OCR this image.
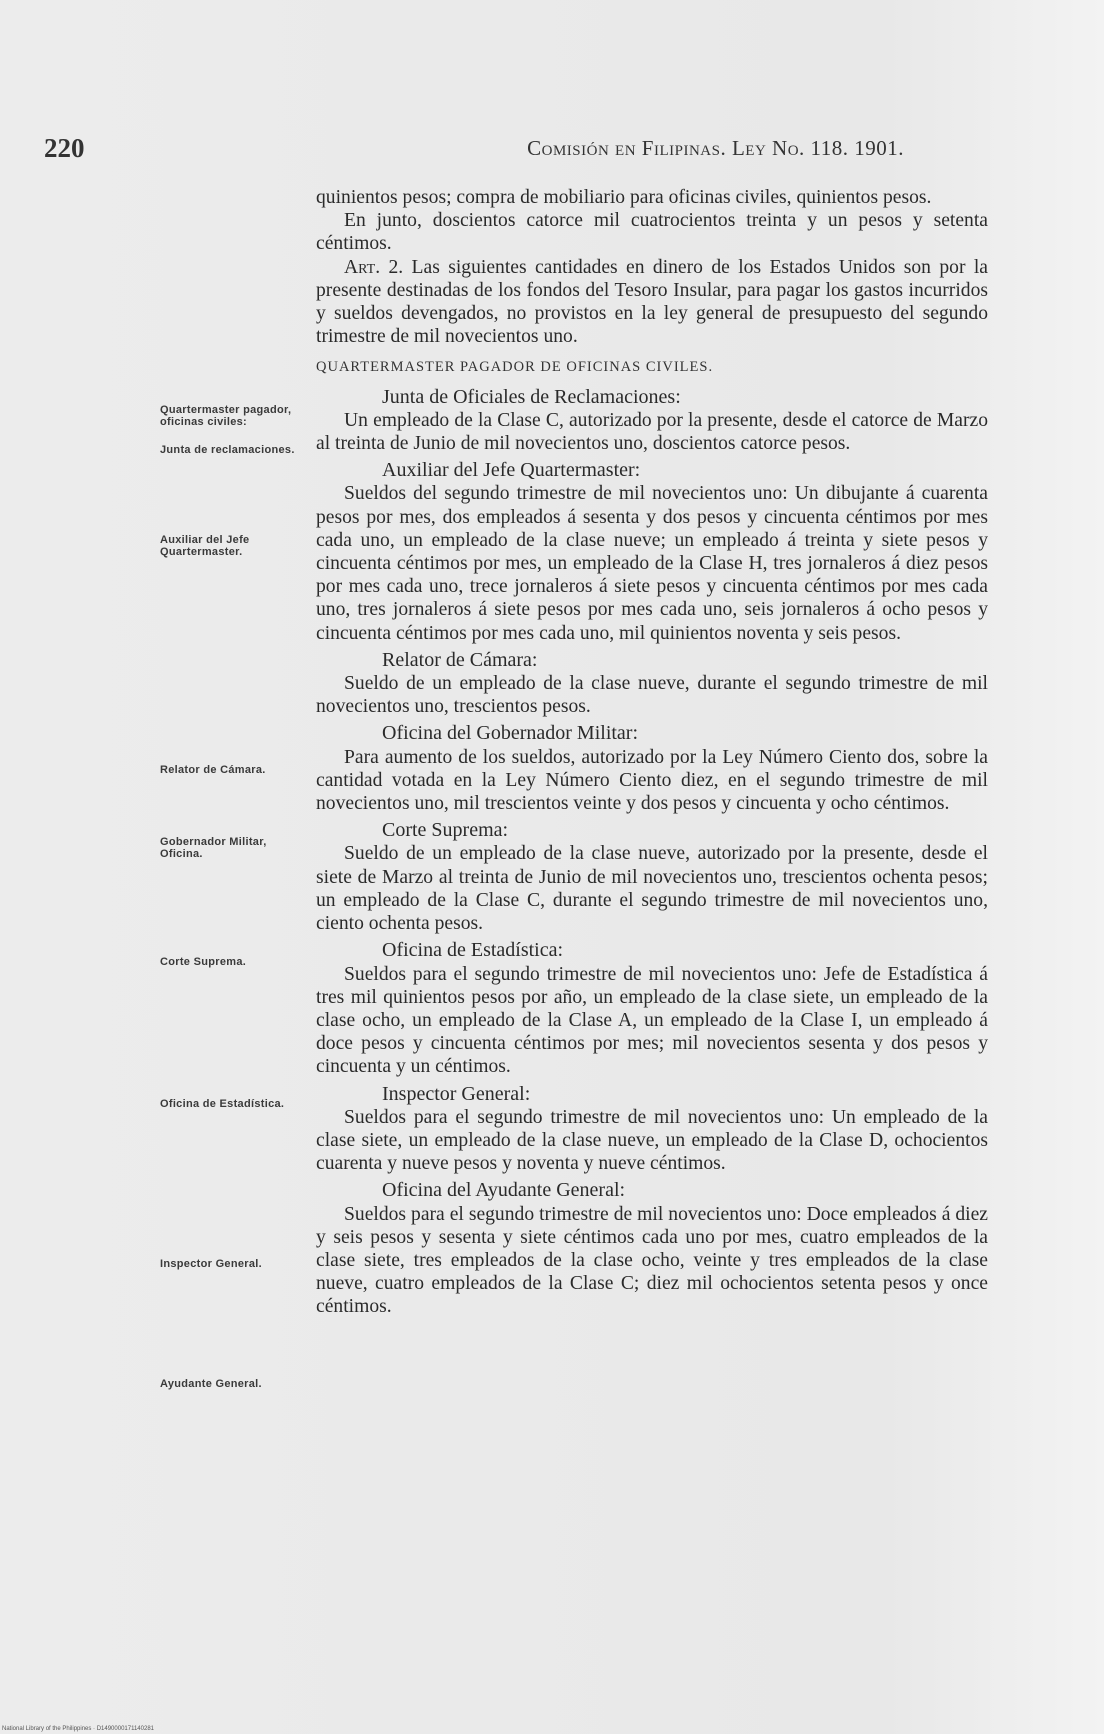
220	Comisión en Filipinas. Ley No. 118. 1901.
Quartermaster pagador, oficinas civiles:
Junta de reclamaciones.
Auxiliar del Jefe Quartermaster.
Relator de Cámara.
Gobernador Militar, Oficina.
Corte Suprema.
Oficina de Estadística.
Inspector General.
Ayudante General.

quinientos pesos; compra de mobiliario para oficinas civiles, quinientos pesos.

En junto, doscientos catorce mil cuatrocientos treinta y un pesos y setenta céntimos.

Art. 2. Las siguientes cantidades en dinero de los Estados Unidos son por la presente destinadas de los fondos del Tesoro Insular, para pagar los gastos incurridos y sueldos devengados, no provistos en la ley general de presupuesto del segundo trimestre de mil novecientos uno.

QUARTERMASTER PAGADOR DE OFICINAS CIVILES.

Junta de Oficiales de Reclamaciones:

Un empleado de la Clase C, autorizado por la presente, desde el catorce de Marzo al treinta de Junio de mil novecientos uno, doscientos catorce pesos.

Auxiliar del Jefe Quartermaster:

Sueldos del segundo trimestre de mil novecientos uno: Un dibujante á cuarenta pesos por mes, dos empleados á sesenta y dos pesos y cincuenta céntimos por mes cada uno, un empleado de la clase nueve; un empleado á treinta y siete pesos y cincuenta céntimos por mes, un empleado de la Clase H, tres jornaleros á diez pesos por mes cada uno, trece jornaleros á siete pesos y cincuenta céntimos por mes cada uno, tres jornaleros á siete pesos por mes cada uno, seis jornaleros á ocho pesos y cincuenta céntimos por mes cada uno, mil quinientos noventa y seis pesos.

Relator de Cámara:

Sueldo de un empleado de la clase nueve, durante el segundo trimestre de mil novecientos uno, trescientos pesos.

Oficina del Gobernador Militar:

Para aumento de los sueldos, autorizado por la Ley Número Ciento dos, sobre la cantidad votada en la Ley Número Ciento diez, en el segundo trimestre de mil novecientos uno, mil trescientos veinte y dos pesos y cincuenta y ocho céntimos.

Corte Suprema:

Sueldo de un empleado de la clase nueve, autorizado por la presente, desde el siete de Marzo al treinta de Junio de mil novecientos uno, trescientos ochenta pesos; un empleado de la Clase C, durante el segundo trimestre de mil novecientos uno, ciento ochenta pesos.

Oficina de Estadística:

Sueldos para el segundo trimestre de mil novecientos uno: Jefe de Estadística á tres mil quinientos pesos por año, un empleado de la clase siete, un empleado de la clase ocho, un empleado de la Clase A, un empleado de la Clase I, un empleado á doce pesos y cincuenta céntimos por mes; mil novecientos sesenta y dos pesos y cincuenta y un céntimos.

Inspector General:

Sueldos para el segundo trimestre de mil novecientos uno: Un empleado de la clase siete, un empleado de la clase nueve, un empleado de la Clase D, ochocientos cuarenta y nueve pesos y noventa y nueve céntimos.

Oficina del Ayudante General:

Sueldos para el segundo trimestre de mil novecientos uno: Doce empleados á diez y seis pesos y sesenta y siete céntimos cada uno por mes, cuatro empleados de la clase siete, tres empleados de la clase ocho, veinte y tres empleados de la clase nueve, cuatro empleados de la Clase C; diez mil ochocientos setenta pesos y once céntimos.

National Library of the Philippines · D1490000171140281
